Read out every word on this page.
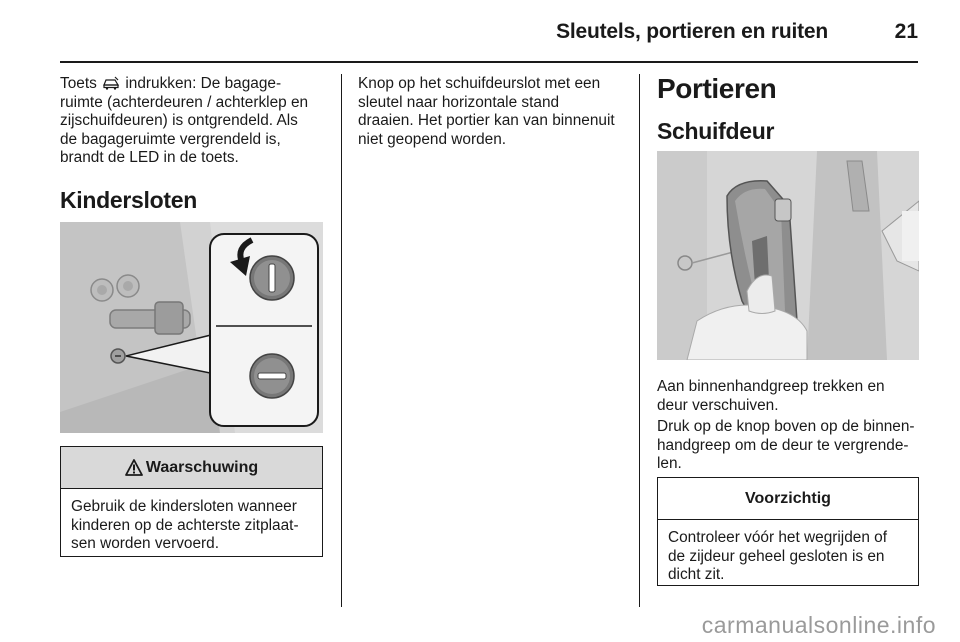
Sleutels, portieren en ruiten	21
Toets indrukken: De bagage-
ruimte (achterdeuren / achterklep en
zijschuifdeuren) is ontgrendeld. Als
de bagageruimte vergrendeld is,
brandt de LED in de toets.
Kindersloten
Waarschuwing
Gebruik de kindersloten wanneer
kinderen op de achterste zitplaat-
sen worden vervoerd.
Knop op het schuifdeurslot met een
sleutel naar horizontale stand
draaien. Het portier kan van binnenuit
niet geopend worden.
Portieren
Schuifdeur
Aan binnenhandgreep trekken en
deur verschuiven.
Druk op de knop boven op de binnen-
handgreep om de deur te vergrende-
len.
Voorzichtig
Controleer vóór het wegrijden of
de zijdeur geheel gesloten is en
dicht zit.
carmanualsonline.info
